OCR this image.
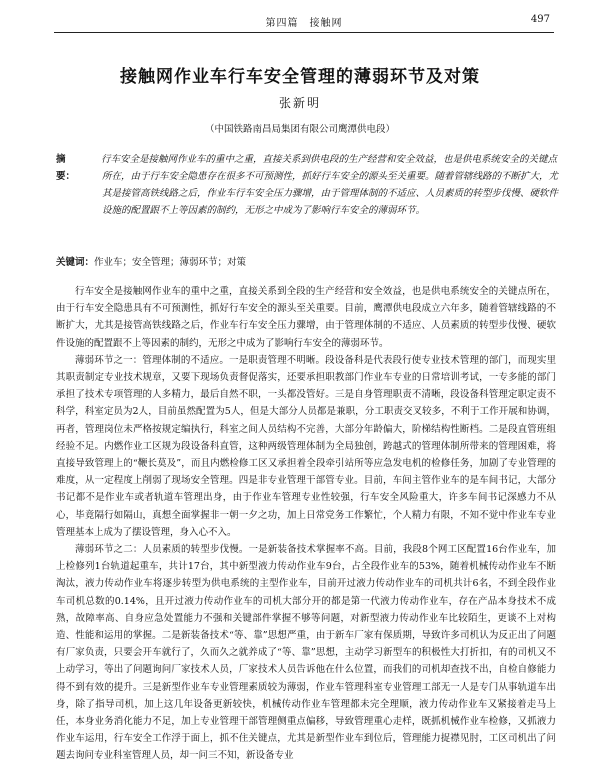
第四篇　接触网	497
接触网作业车行车安全管理的薄弱环节及对策
张新明
（中国铁路南昌局集团有限公司鹰潭供电段）
摘　要：
行车安全是接触网作业车的重中之重，直接关系到供电段的生产经营和安全效益，也是供电系统安全的关键点所在，由于行车安全隐患存在很多不可预测性，抓好行车安全的源头至关重要。随着管辖线路的不断扩大，尤其是接管高铁线路之后，作业车行车安全压力骤增，由于管理体制的不适应、人员素质的转型步伐慢、硬软件设施的配置跟不上等因素的制约，无形之中成为了影响行车安全的薄弱环节。
关键词：作业车；安全管理；薄弱环节；对策

行车安全是接触网作业车的重中之重，直接关系到全段的生产经营和安全效益，也是供电系统安全的关键点所在，由于行车安全隐患具有不可预测性，抓好行车安全的源头至关重要。目前，鹰潭供电段成立六年多，随着管辖线路的不断扩大，尤其是接管高铁线路之后，作业车行车安全压力骤增，由于管理体制的不适应、人员素质的转型步伐慢、硬软件设施的配置跟不上等因素的制约，无形之中成为了影响行车安全的薄弱环节。

薄弱环节之一：管理体制的不适应。一是职责管理不明晰。段设备科是代表段行使专业技术管理的部门，而现实里其职责制定专业技术规章，又要下现场负责督促落实，还要承担职教部门作业车专业的日常培训考试，一专多能的部门承担了技术专项管理的人多精力，最后自然不职，一头都没管好。三是自身管理职责不清晰，段设备科管理定职定责不科学，科室定员为2人，目前虽然配置为5人，但是大部分人员都是兼职，分工职责交叉较多，不利于工作开展和协调，再者，管理岗位未严格按规定编执行，科室之间人员结构不完善，大部分年龄偏大，阶梯结构性断档。二是段直管班组经验不足。内燃作业工区规为段设备科直管，这种两级管理体制为全局独创，跨越式的管理体制所带来的管理困难，将直接导致管理上的“鞭长莫及”，而且内燃检修工区又承担着全段牵引站所等应急发电机的检修任务，加剧了专业管理的难度，从一定程度上削弱了现场安全管理。四是非专业管理干部管专业。目前，车间主管作业车的是车间书记，大部分书记都不是作业车或者轨道车管理出身，由于作业车管理专业性较强，行车安全风险重大，许多车间书记深感力不从心，毕竟隔行如隔山，真想全面掌握非一朝一夕之功，加上日常党务工作繁忙，个人精力有限，不知不觉中作业车专业管理基本上成为了摆设管理，身入心不入。

薄弱环节之二：人员素质的转型步伐慢。一是新装备技术掌握率不高。目前，我段8个网工区配置16台作业车，加上检修列1台轨道起重车，共计17台，其中新型液力传动作业车9台，占全段作业车的53%，随着机械传动作业车不断淘汰，液力传动作业车将逐步转型为供电系统的主型作业车，目前开过液力传动作业车的司机共计6名，不到全段作业车司机总数的0.14%，且开过液力传动作业车的司机大部分开的都是第一代液力传动作业车，存在产品本身技术不成熟，故障率高、自身应急处置能力不强和关键部件掌握不够等问题，对新型液力传动作业车比较陌生，更谈不上对构造、性能和运用的掌握。二是新装备技术“等、靠”思想严重，由于新车厂家有保质期，导致许多司机认为反正出了问题有厂家负责，只要会开车就行了，久而久之就养成了“等、靠”思想，主动学习新型车的积极性大打折扣，有的司机又不上动学习，等出了问题询问厂家技术人员，厂家技术人员告诉他在什么位置，而我们的司机却查找不出，自检自修能力得不到有效的提升。三是新型作业车专业管理素质较为薄弱，作业车管理科室专业管理工部无一人是专门从事轨道车出身，除了指导司机，加上这几年设备更新较快，机械传动作业车管理都未完全理顺，液力传动作业车又紧接着走马上任，本身业务消化能力不足，加上专业管理干部管理侧重点偏移，导致管理重心走样，既抓机械作业车检修，又抓液力作业车运用，行车安全工作浮于面上，抓不住关键点，尤其是新型作业车到位后，管理能力捉襟见肘，工区司机出了问题去询问专业科室管理人员，却一问三不知，新设备专业
